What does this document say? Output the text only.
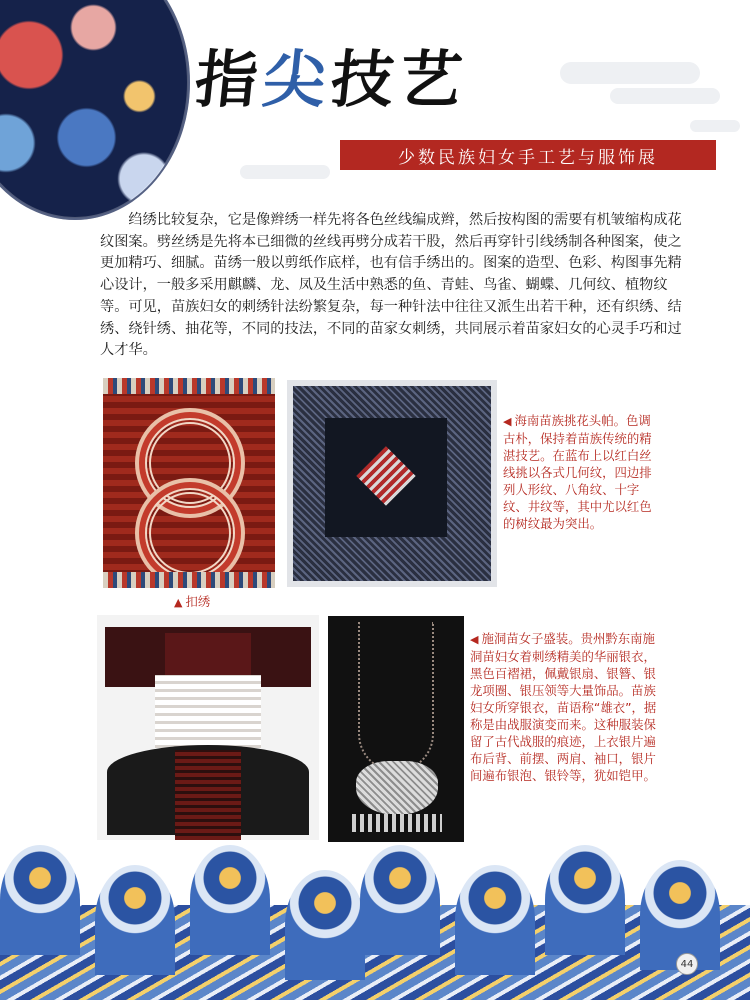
指尖技艺
少数民族妇女手工艺与服饰展

绉绣比较复杂，它是像辫绣一样先将各色丝线编成辫，然后按构图的需要有机皱缩构成花纹图案。劈丝绣是先将本已细微的丝线再劈分成若干股，然后再穿针引线绣制各种图案，使之更加精巧、细腻。苗绣一般以剪纸作底样，也有信手绣出的。图案的造型、色彩、构图事先精心设计，一般多采用麒麟、龙、凤及生活中熟悉的鱼、青蛙、鸟雀、蝴蝶、几何纹、植物纹等。可见，苗族妇女的刺绣针法纷繁复杂，每一种针法中往往又派生出若干种，还有织绣、结绣、绕针绣、抽花等，不同的技法，不同的苗家女刺绣，共同展示着苗家妇女的心灵手巧和过人才华。

◀ 海南苗族挑花头帕。色调古朴，保持着苗族传统的精湛技艺。在蓝布上以红白丝线挑以各式几何纹，四边排列人形纹、八角纹、十字纹、井纹等，其中尤以红色的树纹最为突出。
▲ 扣绣
◀ 施洞苗女子盛装。贵州黔东南施洞苗妇女着刺绣精美的华丽银衣，黑色百褶裙，佩戴银扇、银簪、银龙项圈、银压领等大量饰品。苗族妇女所穿银衣，苗语称“雄衣”，据称是由战服演变而来。这种服装保留了古代战服的痕迹，上衣银片遍布后背、前摆、两肩、袖口，银片间遍布银泡、银铃等，犹如铠甲。
44
